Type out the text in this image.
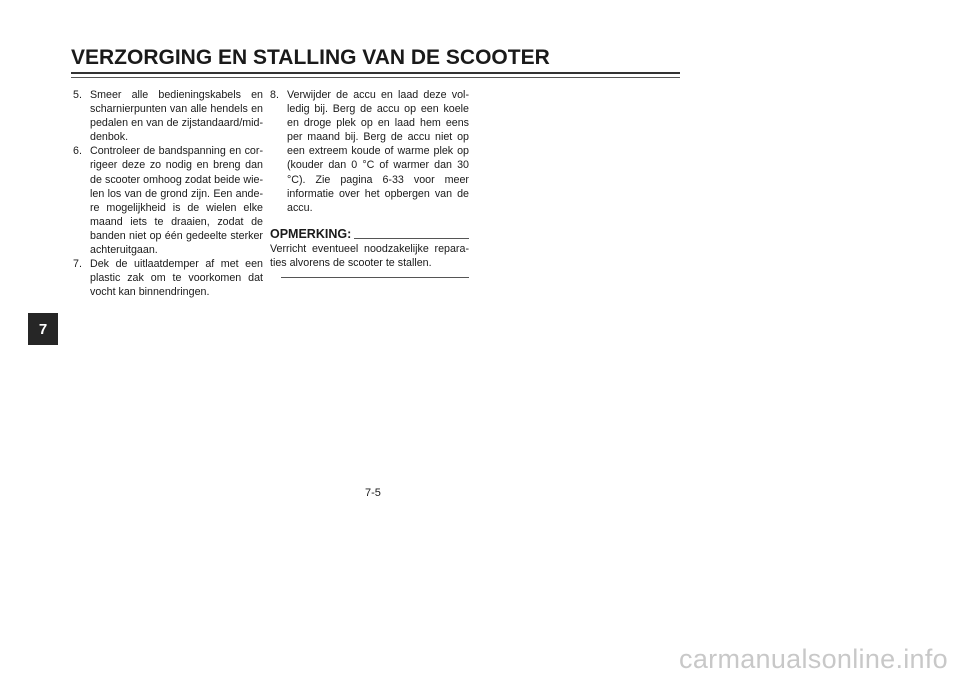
VERZORGING EN STALLING VAN DE SCOOTER
7
5. Smeer alle bedieningskabels en scharnierpunten van alle hendels en pedalen en van de zijstandaard/middenbok.
6. Controleer de bandspanning en corrigeer deze zo nodig en breng dan de scooter omhoog zodat beide wielen los van de grond zijn. Een andere mogelijkheid is de wielen elke maand iets te draaien, zodat de banden niet op één gedeelte sterker achteruitgaan.
7. Dek de uitlaatdemper af met een plastic zak om te voorkomen dat vocht kan binnendringen.
8. Verwijder de accu en laad deze volledig bij. Berg de accu op een koele en droge plek op en laad hem eens per maand bij. Berg de accu niet op een extreem koude of warme plek op (kouder dan 0 °C of warmer dan 30 °C). Zie pagina 6-33 voor meer informatie over het opbergen van de accu.
OPMERKING:
Verricht eventueel noodzakelijke reparaties alvorens de scooter te stallen.
7-5
carmanualsonline.info
